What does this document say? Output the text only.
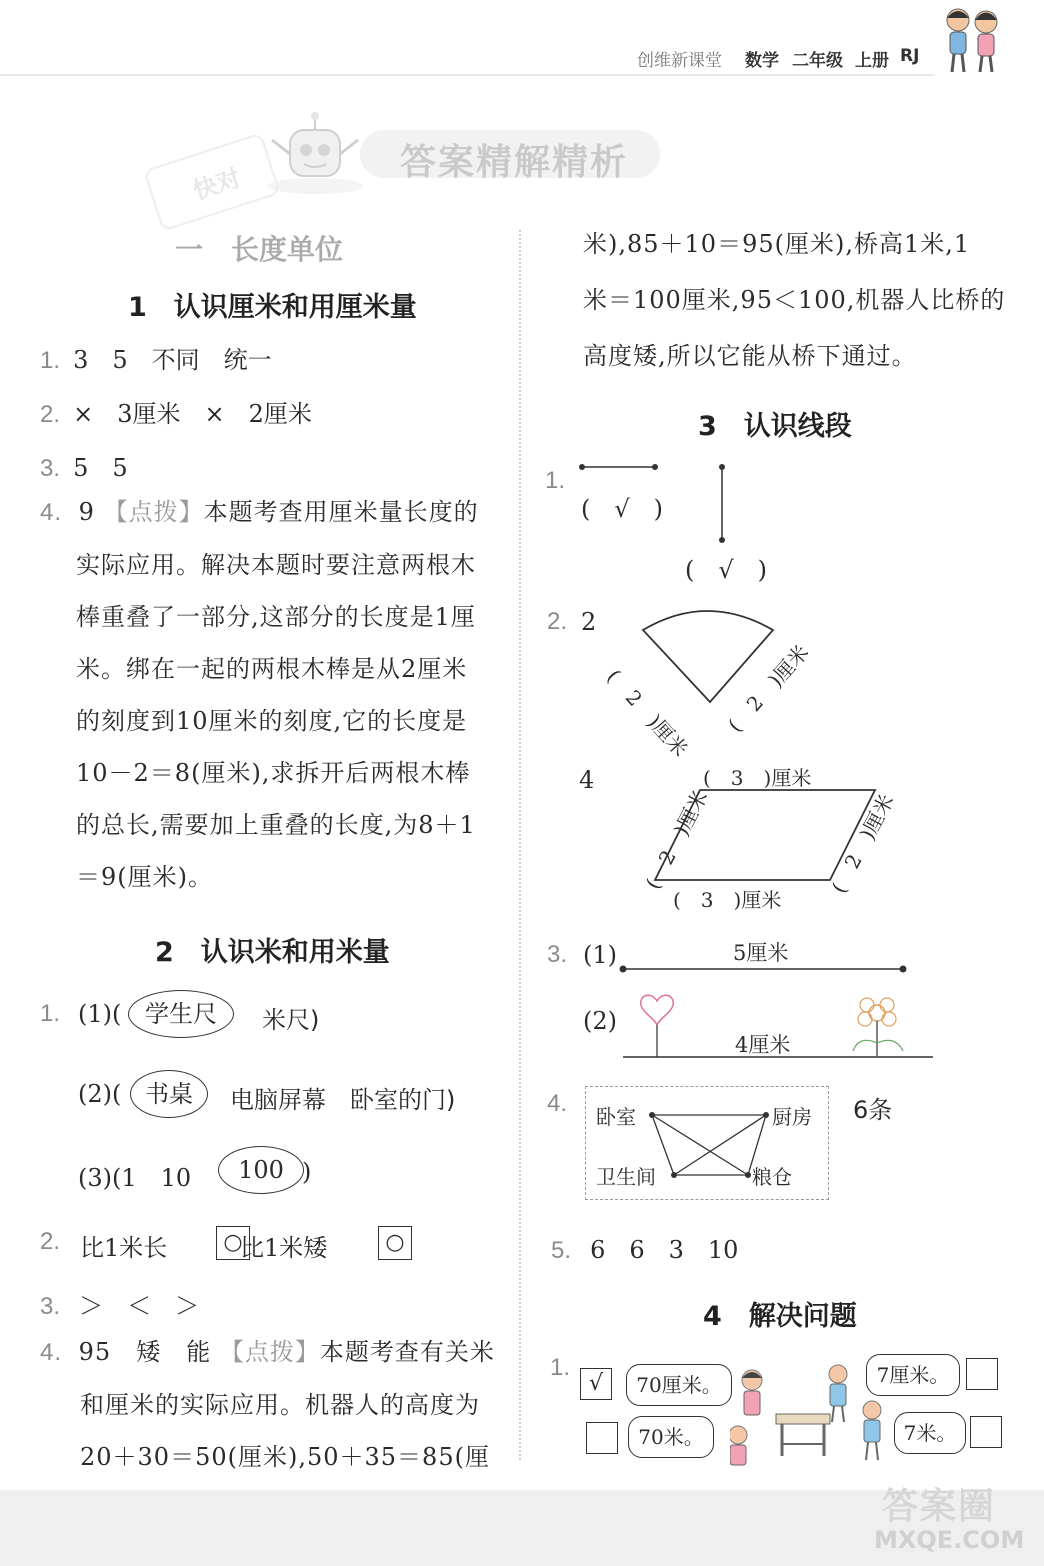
创维新课堂 数学 二年级 上册 RJ
答案精解精析
快对
一　长度单位
1　认识厘米和用厘米量
1. 3　5　不同　统一
2. ×　3厘米　×　2厘米
3. 5　5
4. 9 【点拨】本题考查用厘米量长度的
实际应用。解决本题时要注意两根木
棒重叠了一部分,这部分的长度是1厘
米。绑在一起的两根木棒是从2厘米
的刻度到10厘米的刻度,它的长度是
10－2＝8(厘米),求拆开后两根木棒
的总长,需要加上重叠的长度,为8＋1
＝9(厘米)。
2　认识米和用米量
1. (1)( 学生尺	米尺)
(2)( 书桌	电脑屏幕　卧室的门)
(3)(1　10	100 )
2. 比1米长	○
比1米矮	○
3. ＞　＜　＞
4. 95　矮　能 【点拨】本题考查有关米
和厘米的实际应用。机器人的高度为
20＋30＝50(厘米),50＋35＝85(厘
米),85＋10＝95(厘米),桥高1米,1
米＝100厘米,95＜100,机器人比桥的
高度矮,所以它能从桥下通过。
3　认识线段
1.
(　√　)
(　√　)
2. 2
(　2　)厘米 (　2　)厘米
4	(　3　)厘米
(　3　)厘米
(　2　)厘米	(　2　)厘米
3. (1)	5厘米
(2)
4厘米
4. 卧室	厨房
卫生间	粮仓
6条
5. 6　6　3　10
4　解决问题
1.
√	70厘米。
70米。
7厘米。
7米。
答案圈
MXQE.COM
